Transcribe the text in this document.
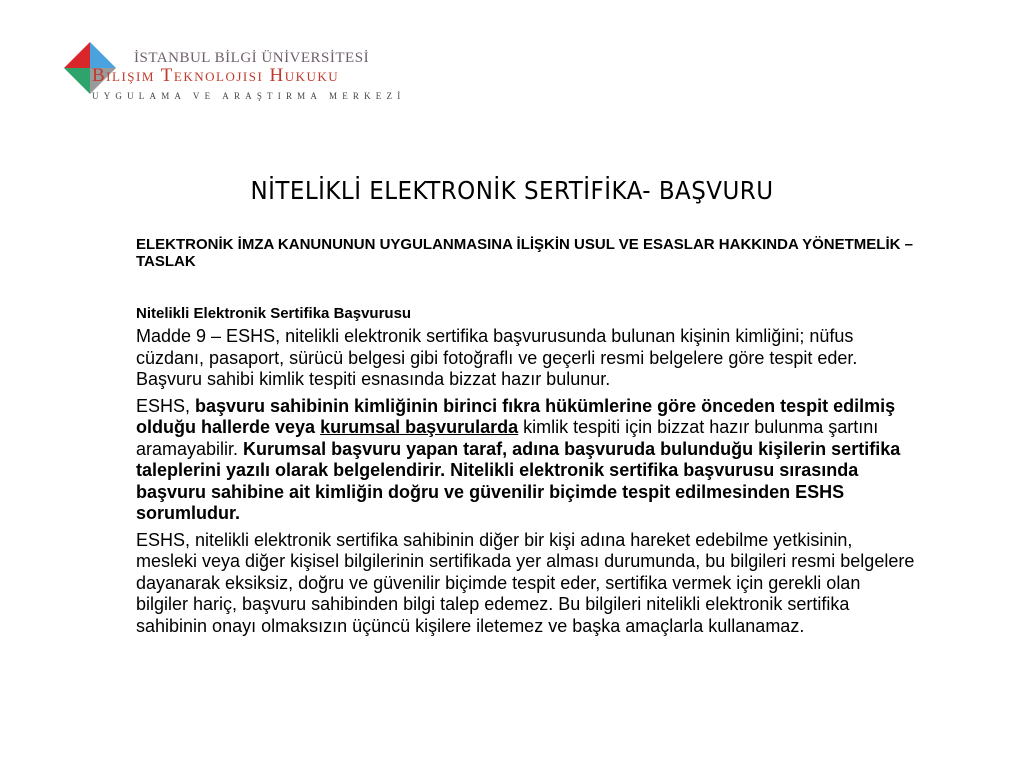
İSTANBUL BİLGİ ÜNİVERSİTESİ
Bilişim Teknolojisi Hukuku
UYGULAMA VE ARAŞTIRMA MERKEZİ
NİTELİKLİ ELEKTRONİK SERTİFİKA- BAŞVURU

ELEKTRONİK İMZA KANUNUNUN UYGULANMASINA İLİŞKİN USUL VE ESASLAR HAKKINDA YÖNETMELİK – TASLAK

Nitelikli Elektronik Sertifika Başvurusu

Madde 9 – ESHS, nitelikli elektronik sertifika başvurusunda bulunan kişinin kimliğini; nüfus cüzdanı, pasaport, sürücü belgesi gibi fotoğraflı ve geçerli resmi belgelere göre tespit eder. Başvuru sahibi kimlik tespiti esnasında bizzat hazır bulunur.

ESHS, başvuru sahibinin kimliğinin birinci fıkra hükümlerine göre önceden tespit edilmiş olduğu hallerde veya kurumsal başvurularda kimlik tespiti için bizzat hazır bulunma şartını aramayabilir. Kurumsal başvuru yapan taraf, adına başvuruda bulunduğu kişilerin sertifika taleplerini yazılı olarak belgelendirir. Nitelikli elektronik sertifika başvurusu sırasında başvuru sahibine ait kimliğin doğru ve güvenilir biçimde tespit edilmesinden ESHS sorumludur.

ESHS, nitelikli elektronik sertifika sahibinin diğer bir kişi adına hareket edebilme yetkisinin, mesleki veya diğer kişisel bilgilerinin sertifikada yer alması durumunda, bu bilgileri resmi belgelere dayanarak eksiksiz, doğru ve güvenilir biçimde tespit eder, sertifika vermek için gerekli olan bilgiler hariç, başvuru sahibinden bilgi talep edemez. Bu bilgileri nitelikli elektronik sertifika sahibinin onayı olmaksızın üçüncü kişilere iletemez ve başka amaçlarla kullanamaz.
